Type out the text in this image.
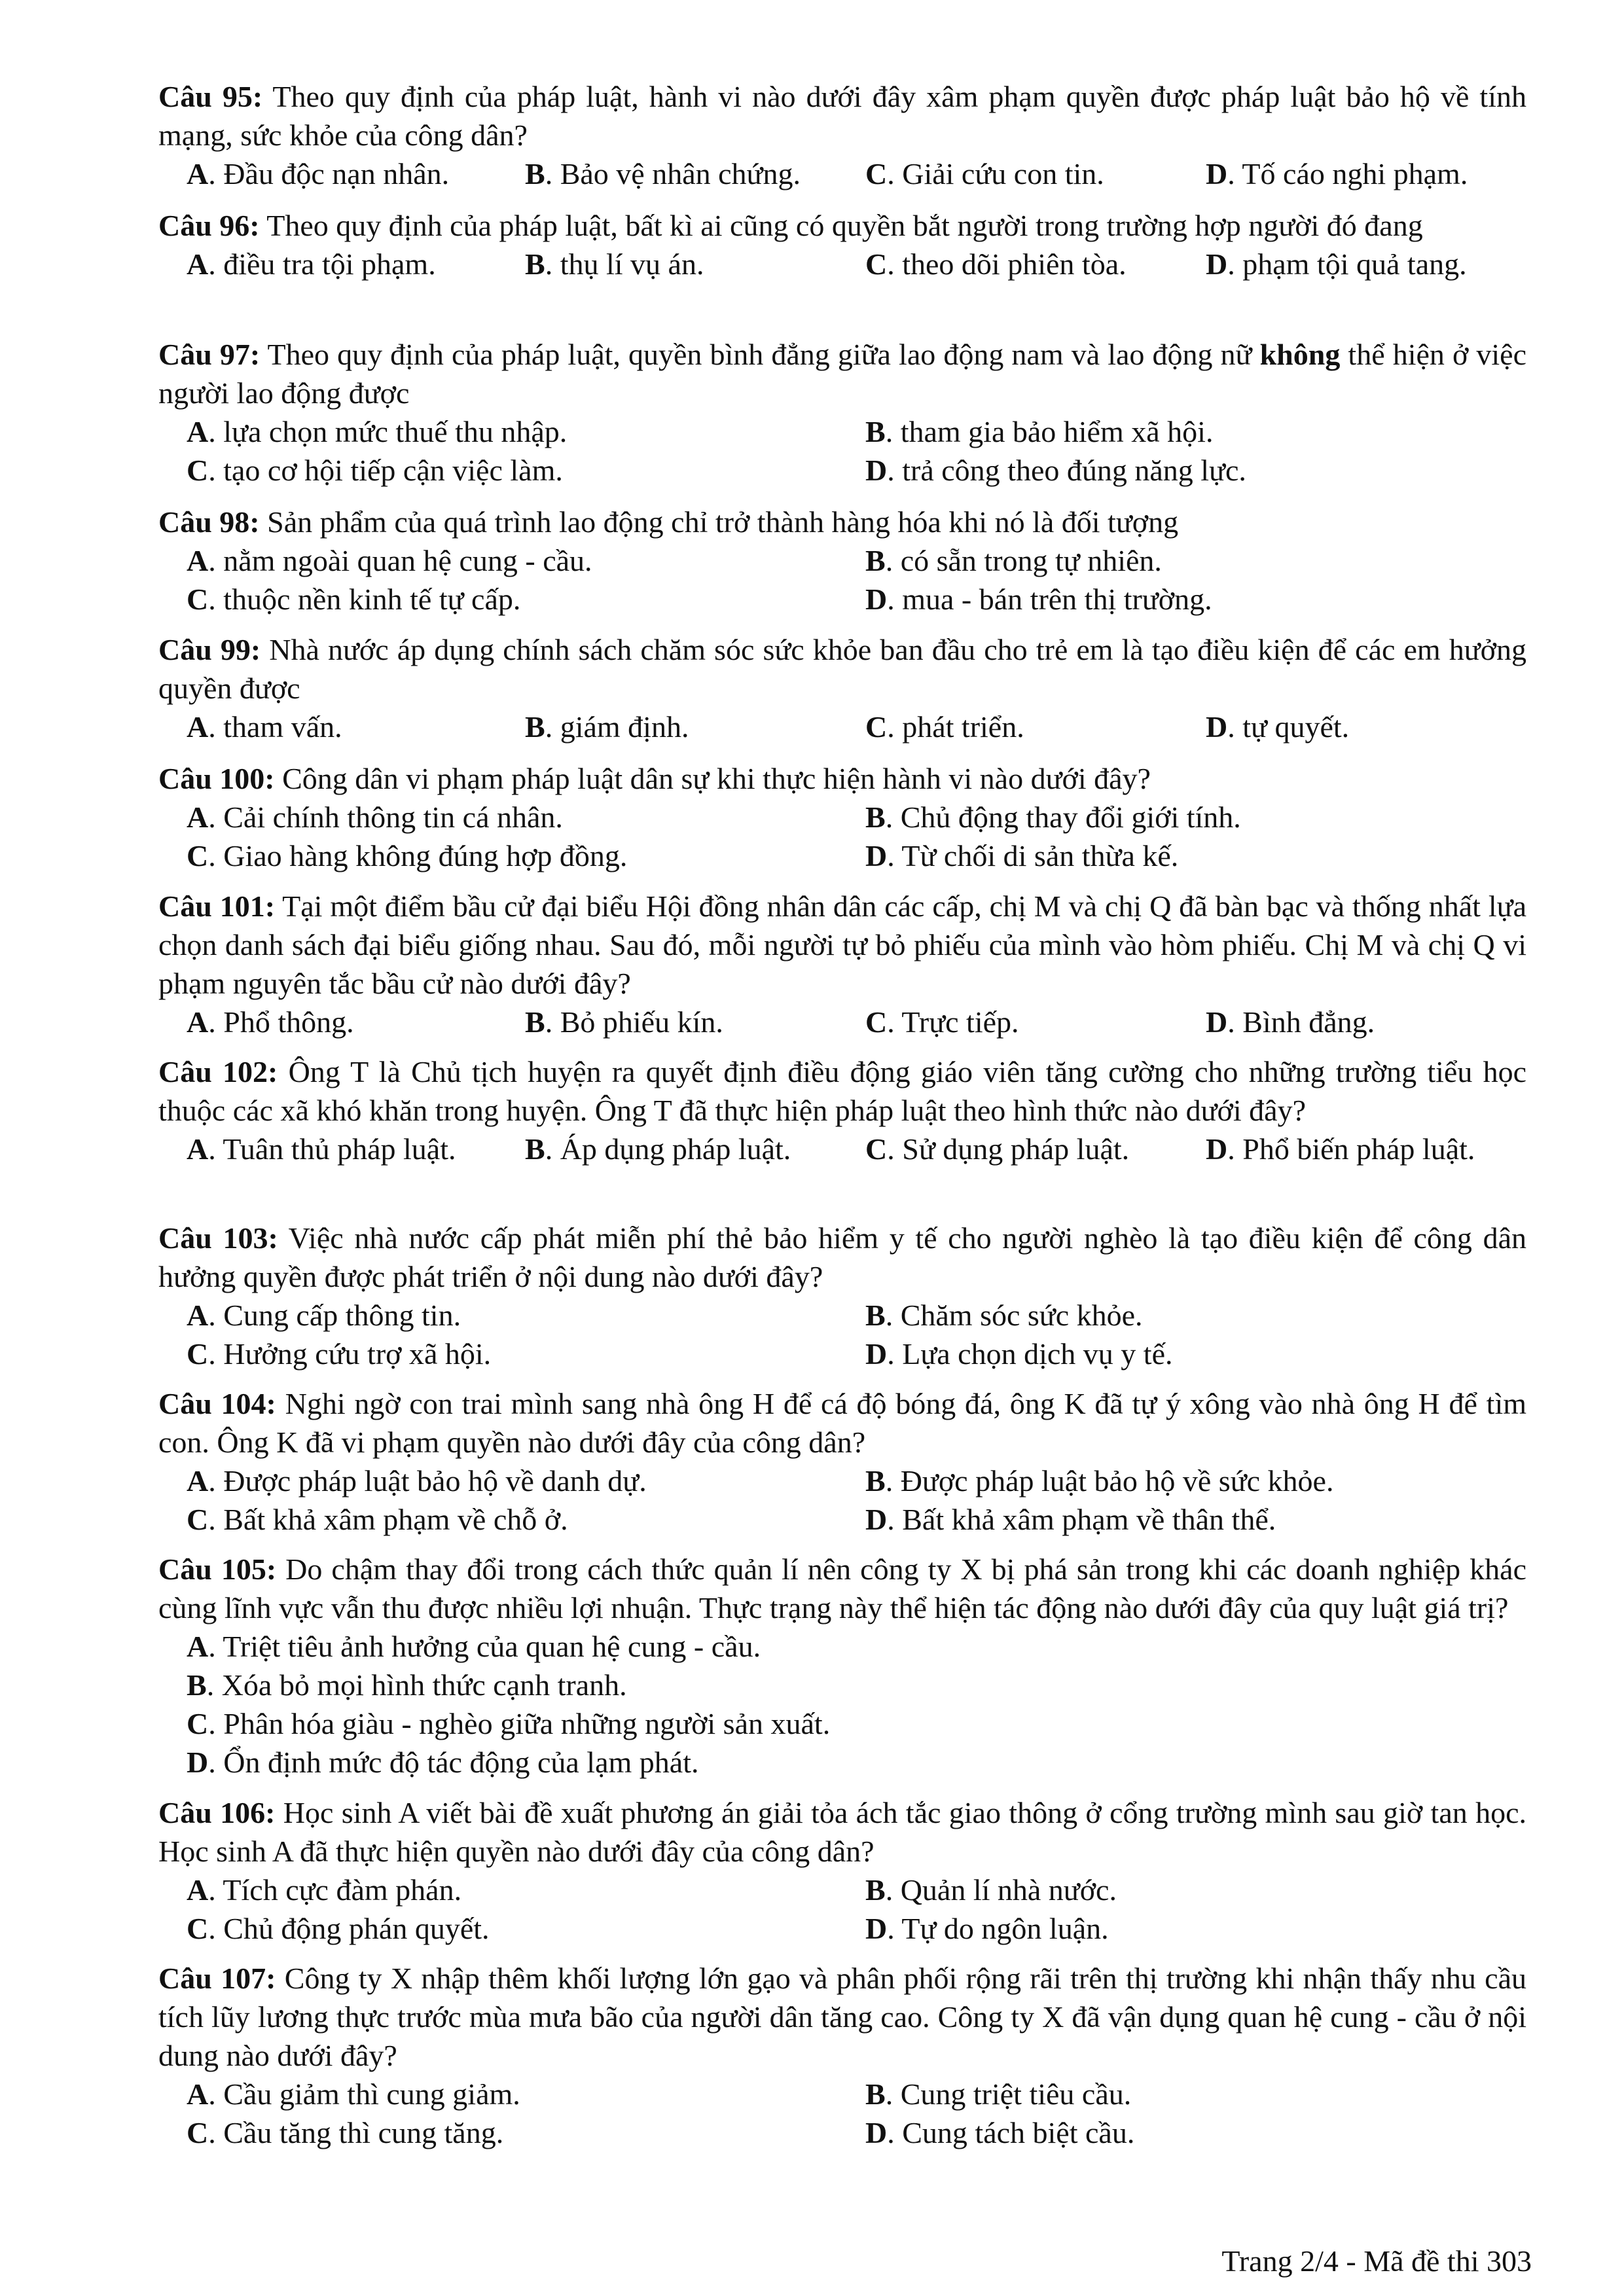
Câu 95: Theo quy định của pháp luật, hành vi nào dưới đây xâm phạm quyền được pháp luật bảo hộ về tính mạng, sức khỏe của công dân?
A. Đầu độc nạn nhân.	B. Bảo vệ nhân chứng. C. Giải cứu con tin.	D. Tố cáo nghi phạm.
Câu 96: Theo quy định của pháp luật, bất kì ai cũng có quyền bắt người trong trường hợp người đó đang
A. điều tra tội phạm.	B. thụ lí vụ án.	C. theo dõi phiên tòa.	D. phạm tội quả tang.
Câu 97: Theo quy định của pháp luật, quyền bình đẳng giữa lao động nam và lao động nữ không thể hiện ở việc người lao động được
A. lựa chọn mức thuế thu nhập.	B. tham gia bảo hiểm xã hội.
C. tạo cơ hội tiếp cận việc làm.	D. trả công theo đúng năng lực.
Câu 98: Sản phẩm của quá trình lao động chỉ trở thành hàng hóa khi nó là đối tượng
A. nằm ngoài quan hệ cung - cầu.	B. có sẵn trong tự nhiên.
C. thuộc nền kinh tế tự cấp.	D. mua - bán trên thị trường.
Câu 99: Nhà nước áp dụng chính sách chăm sóc sức khỏe ban đầu cho trẻ em là tạo điều kiện để các em hưởng quyền được
A. tham vấn.	B. giám định.	C. phát triển.	D. tự quyết.
Câu 100: Công dân vi phạm pháp luật dân sự khi thực hiện hành vi nào dưới đây?
A. Cải chính thông tin cá nhân.	B. Chủ động thay đổi giới tính.
C. Giao hàng không đúng hợp đồng.	D. Từ chối di sản thừa kế.
Câu 101: Tại một điểm bầu cử đại biểu Hội đồng nhân dân các cấp, chị M và chị Q đã bàn bạc và thống nhất lựa chọn danh sách đại biểu giống nhau. Sau đó, mỗi người tự bỏ phiếu của mình vào hòm phiếu. Chị M và chị Q vi phạm nguyên tắc bầu cử nào dưới đây?
A. Phổ thông.	B. Bỏ phiếu kín.	C. Trực tiếp.	D. Bình đẳng.
Câu 102: Ông T là Chủ tịch huyện ra quyết định điều động giáo viên tăng cường cho những trường tiểu học thuộc các xã khó khăn trong huyện. Ông T đã thực hiện pháp luật theo hình thức nào dưới đây?
A. Tuân thủ pháp luật. B. Áp dụng pháp luật. C. Sử dụng pháp luật.	D. Phổ biến pháp luật.
Câu 103: Việc nhà nước cấp phát miễn phí thẻ bảo hiểm y tế cho người nghèo là tạo điều kiện để công dân hưởng quyền được phát triển ở nội dung nào dưới đây?
A. Cung cấp thông tin.	B. Chăm sóc sức khỏe.
C. Hưởng cứu trợ xã hội.	D. Lựa chọn dịch vụ y tế.
Câu 104: Nghi ngờ con trai mình sang nhà ông H để cá độ bóng đá, ông K đã tự ý xông vào nhà ông H để tìm con. Ông K đã vi phạm quyền nào dưới đây của công dân?
A. Được pháp luật bảo hộ về danh dự.	B. Được pháp luật bảo hộ về sức khỏe.
C. Bất khả xâm phạm về chỗ ở.	D. Bất khả xâm phạm về thân thể.
Câu 105: Do chậm thay đổi trong cách thức quản lí nên công ty X bị phá sản trong khi các doanh nghiệp khác cùng lĩnh vực vẫn thu được nhiều lợi nhuận. Thực trạng này thể hiện tác động nào dưới đây của quy luật giá trị?
A. Triệt tiêu ảnh hưởng của quan hệ cung - cầu.
B. Xóa bỏ mọi hình thức cạnh tranh.
C. Phân hóa giàu - nghèo giữa những người sản xuất.
D. Ổn định mức độ tác động của lạm phát.
Câu 106: Học sinh A viết bài đề xuất phương án giải tỏa ách tắc giao thông ở cổng trường mình sau giờ tan học. Học sinh A đã thực hiện quyền nào dưới đây của công dân?
A. Tích cực đàm phán.	B. Quản lí nhà nước.
C. Chủ động phán quyết.	D. Tự do ngôn luận.
Câu 107: Công ty X nhập thêm khối lượng lớn gạo và phân phối rộng rãi trên thị trường khi nhận thấy nhu cầu tích lũy lương thực trước mùa mưa bão của người dân tăng cao. Công ty X đã vận dụng quan hệ cung - cầu ở nội dung nào dưới đây?
A. Cầu giảm thì cung giảm.	B. Cung triệt tiêu cầu.
C. Cầu tăng thì cung tăng.	D. Cung tách biệt cầu.
Trang 2/4 - Mã đề thi 303
